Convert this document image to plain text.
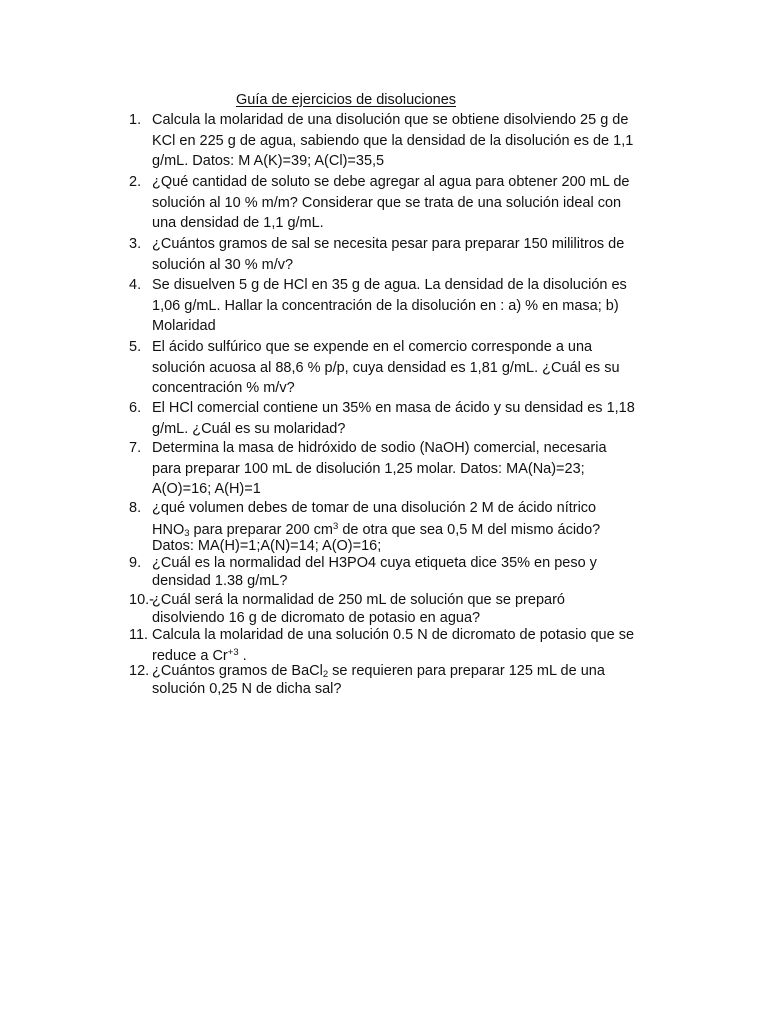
Guía de ejercicios de disoluciones
1. Calcula la molaridad de una disolución que se obtiene disolviendo 25 g de
KCl en 225 g de agua, sabiendo que la densidad de la disolución es de 1,1
g/mL. Datos: M A(K)=39; A(Cl)=35,5
2. ¿Qué cantidad de soluto se debe agregar al agua para obtener 200 mL de
solución al 10 % m/m? Considerar que se trata de una solución ideal con
una densidad de 1,1 g/mL.
3. ¿Cuántos gramos de sal se necesita pesar para preparar 150 mililitros de
solución al 30 % m/v?
4. Se disuelven 5 g de HCl en 35 g de agua. La densidad de la disolución es
1,06 g/mL. Hallar la concentración de la disolución en : a) % en masa; b)
Molaridad
5. El ácido sulfúrico que se expende en el comercio corresponde a una
solución acuosa al 88,6 % p/p, cuya densidad es 1,81 g/mL. ¿Cuál es su
concentración % m/v?
6. El HCl comercial contiene un 35% en masa de ácido y su densidad es 1,18
g/mL. ¿Cuál es su molaridad?
7. Determina la masa de hidróxido de sodio (NaOH) comercial, necesaria
para preparar 100 mL de disolución 1,25 molar. Datos: MA(Na)=23;
A(O)=16; A(H)=1
8. ¿qué volumen debes de tomar de una disolución 2 M de ácido nítrico
$HNO_3$ para preparar 200 $cm^3$ de otra que sea 0,5 M del mismo ácido?
Datos: MA(H)=1;A(N)=14; A(O)=16;
9. ¿Cuál es la normalidad del H3PO4 cuya etiqueta dice 35% en peso y
densidad 1.38 g/mL?
10.-
¿Cuál será la normalidad de 250 mL de solución que se preparó
disolviendo 16 g de dicromato de potasio en agua?
11. Calcula la molaridad de una solución 0.5 N de dicromato de potasio que se
reduce a $Cr^{+3}$ .
12. ¿Cuántos gramos de BaCl$_2$ se requieren para preparar 125 mL de una
solución 0,25 N de dicha sal?
